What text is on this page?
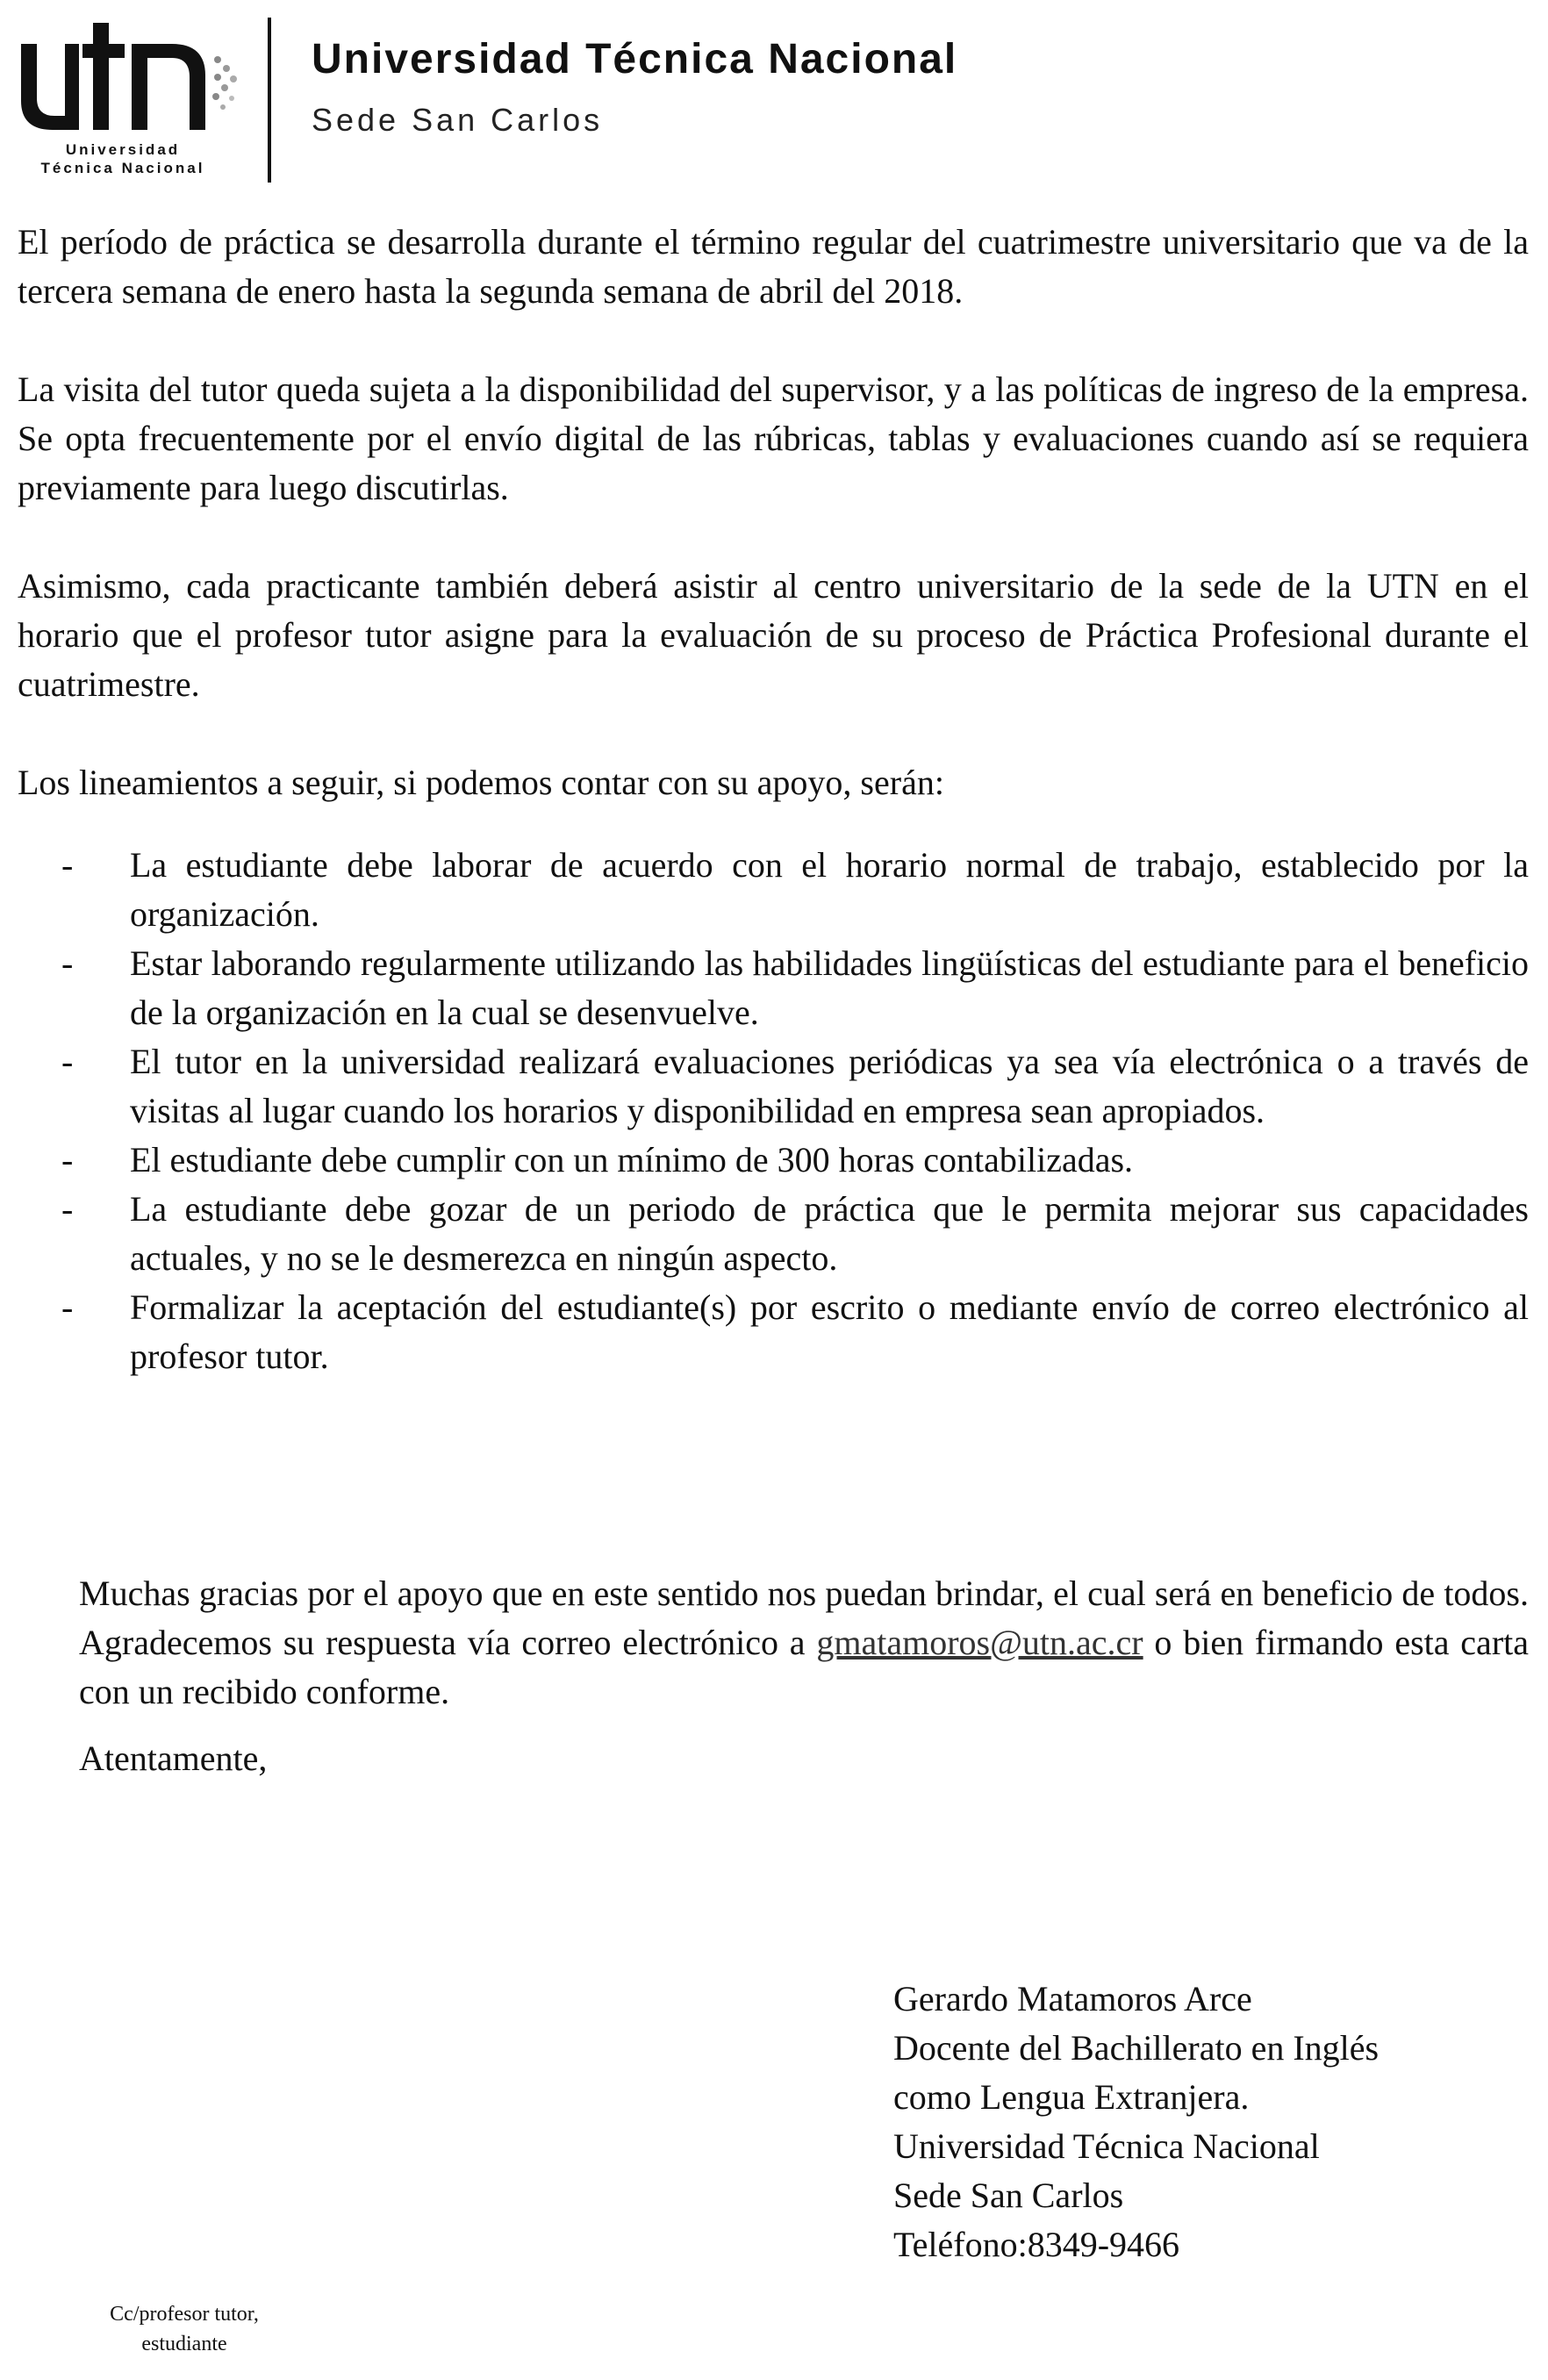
Universidad
Técnica Nacional
Universidad Técnica Nacional
Sede San Carlos

El período de práctica se desarrolla durante el término regular del cuatrimestre universitario que va de la tercera semana de enero hasta la segunda semana de abril del 2018.

La visita del tutor queda sujeta a la disponibilidad del supervisor, y a las políticas de ingreso de la empresa. Se opta frecuentemente por el envío digital de las rúbricas, tablas y evaluaciones cuando así se requiera previamente para luego discutirlas.

Asimismo, cada practicante también deberá asistir al centro universitario de la sede de la UTN en el horario que el profesor tutor asigne para la evaluación de su proceso de Práctica Profesional durante el cuatrimestre.

Los lineamientos a seguir, si podemos contar con su apoyo, serán:

- La estudiante debe laborar de acuerdo con el horario normal de trabajo, establecido por la organización.
- Estar laborando regularmente utilizando las habilidades lingüísticas del estudiante para el beneficio de la organización en la cual se desenvuelve.
- El tutor en la universidad realizará evaluaciones periódicas ya sea vía electrónica o a través de visitas al lugar cuando los horarios y disponibilidad en empresa sean apropiados.
- El estudiante debe cumplir con un mínimo de 300 horas contabilizadas.
- La estudiante debe gozar de un periodo de práctica que le permita mejorar sus capacidades actuales, y no se le desmerezca en ningún aspecto.
- Formalizar la aceptación del estudiante(s) por escrito o mediante envío de correo electrónico al profesor tutor.

Muchas gracias por el apoyo que en este sentido nos puedan brindar, el cual será en beneficio de todos. Agradecemos su respuesta vía correo electrónico a gmatamoros@utn.ac.cr o bien firmando esta carta con un recibido conforme.

Atentamente,
Gerardo Matamoros Arce
Docente del Bachillerato en Inglés
como Lengua Extranjera.
Universidad Técnica Nacional
Sede San Carlos
Teléfono:8349-9466
Cc/profesor tutor,
estudiante
